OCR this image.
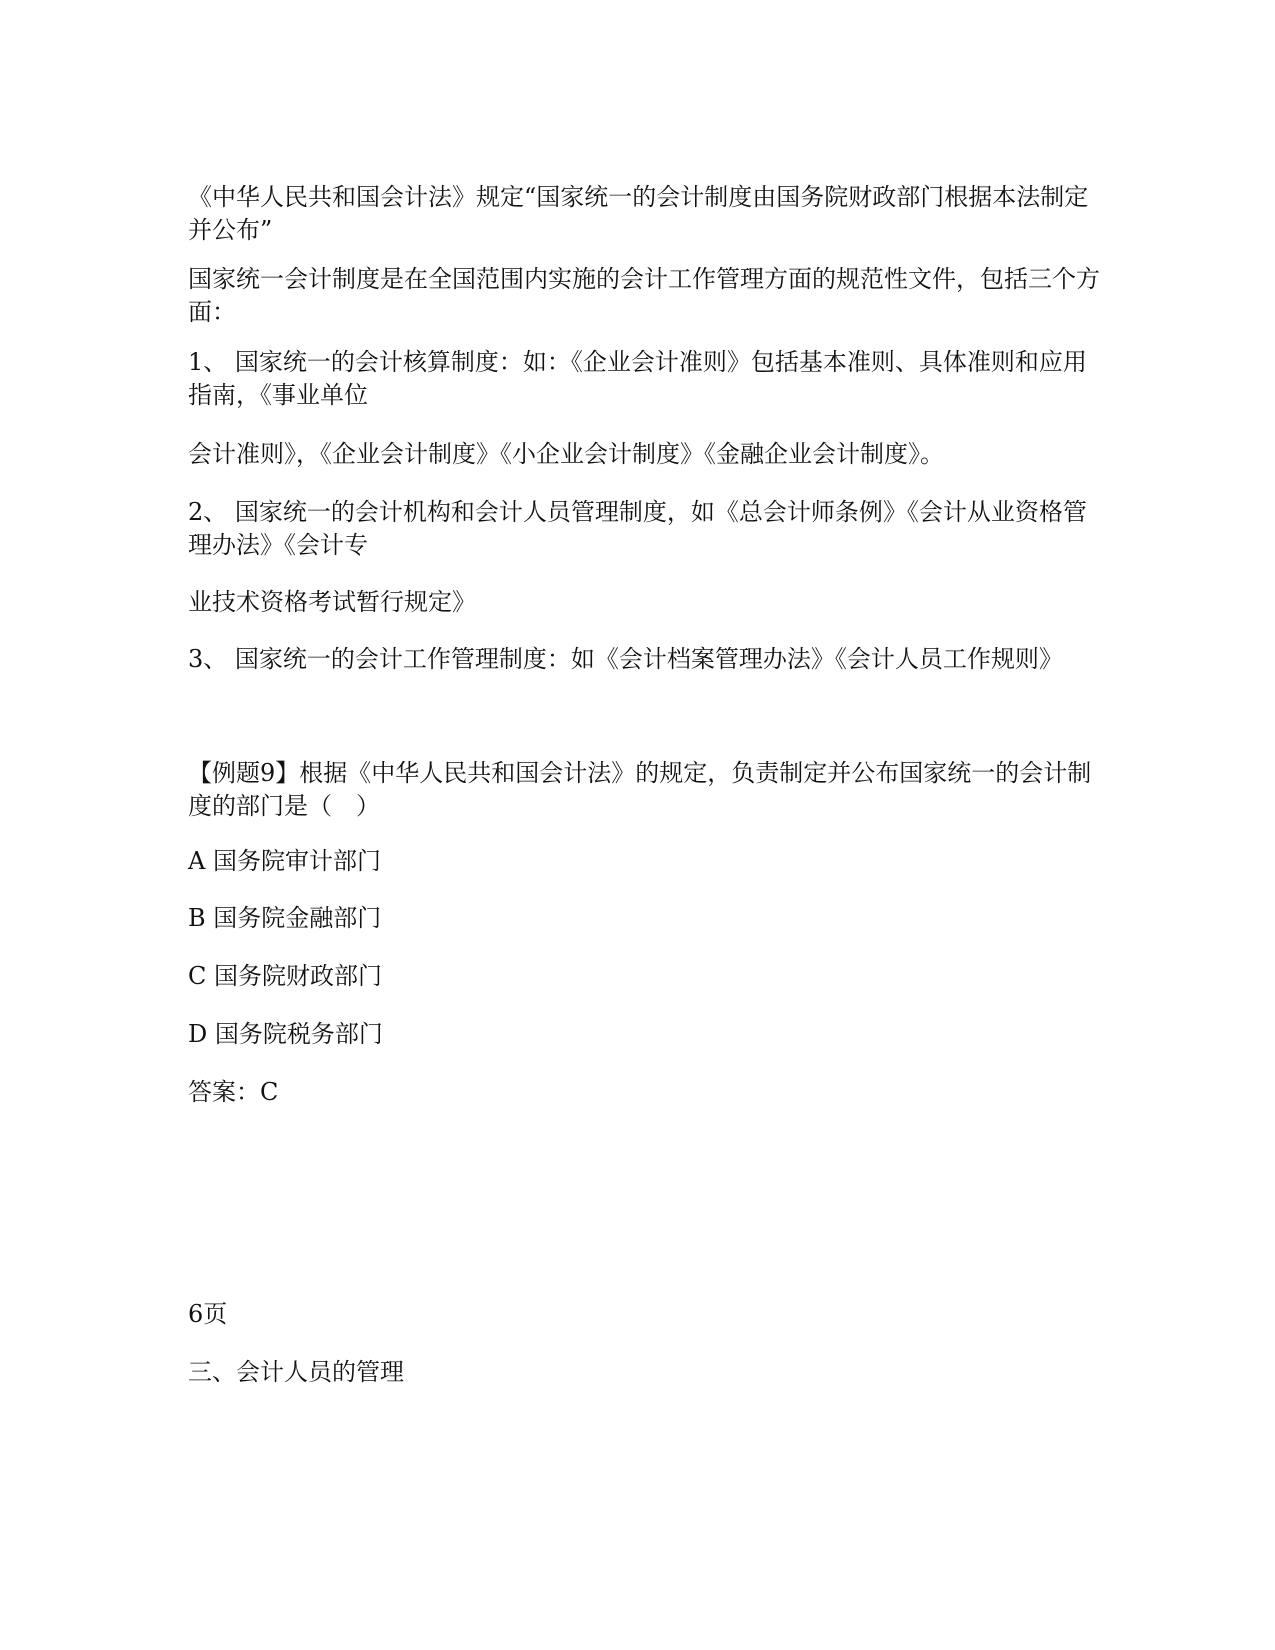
《中华人民共和国会计法》规定“国家统一的会计制度由国务院财政部门根据本法制定并公布”

国家统一会计制度是在全国范围内实施的会计工作管理方面的规范性文件，包括三个方面：

1、 国家统一的会计核算制度：如：《企业会计准则》包括基本准则、具体准则和应用指南，《事业单位

会计准则》，《企业会计制度》《小企业会计制度》《金融企业会计制度》。

2、 国家统一的会计机构和会计人员管理制度，如《总会计师条例》《会计从业资格管理办法》《会计专

业技术资格考试暂行规定》

3、 国家统一的会计工作管理制度：如《会计档案管理办法》《会计人员工作规则》

【例题9】根据《中华人民共和国会计法》的规定，负责制定并公布国家统一的会计制度的部门是（　）

A 国务院审计部门

B 国务院金融部门

C 国务院财政部门

D 国务院税务部门

答案：C

6页

三、会计人员的管理
